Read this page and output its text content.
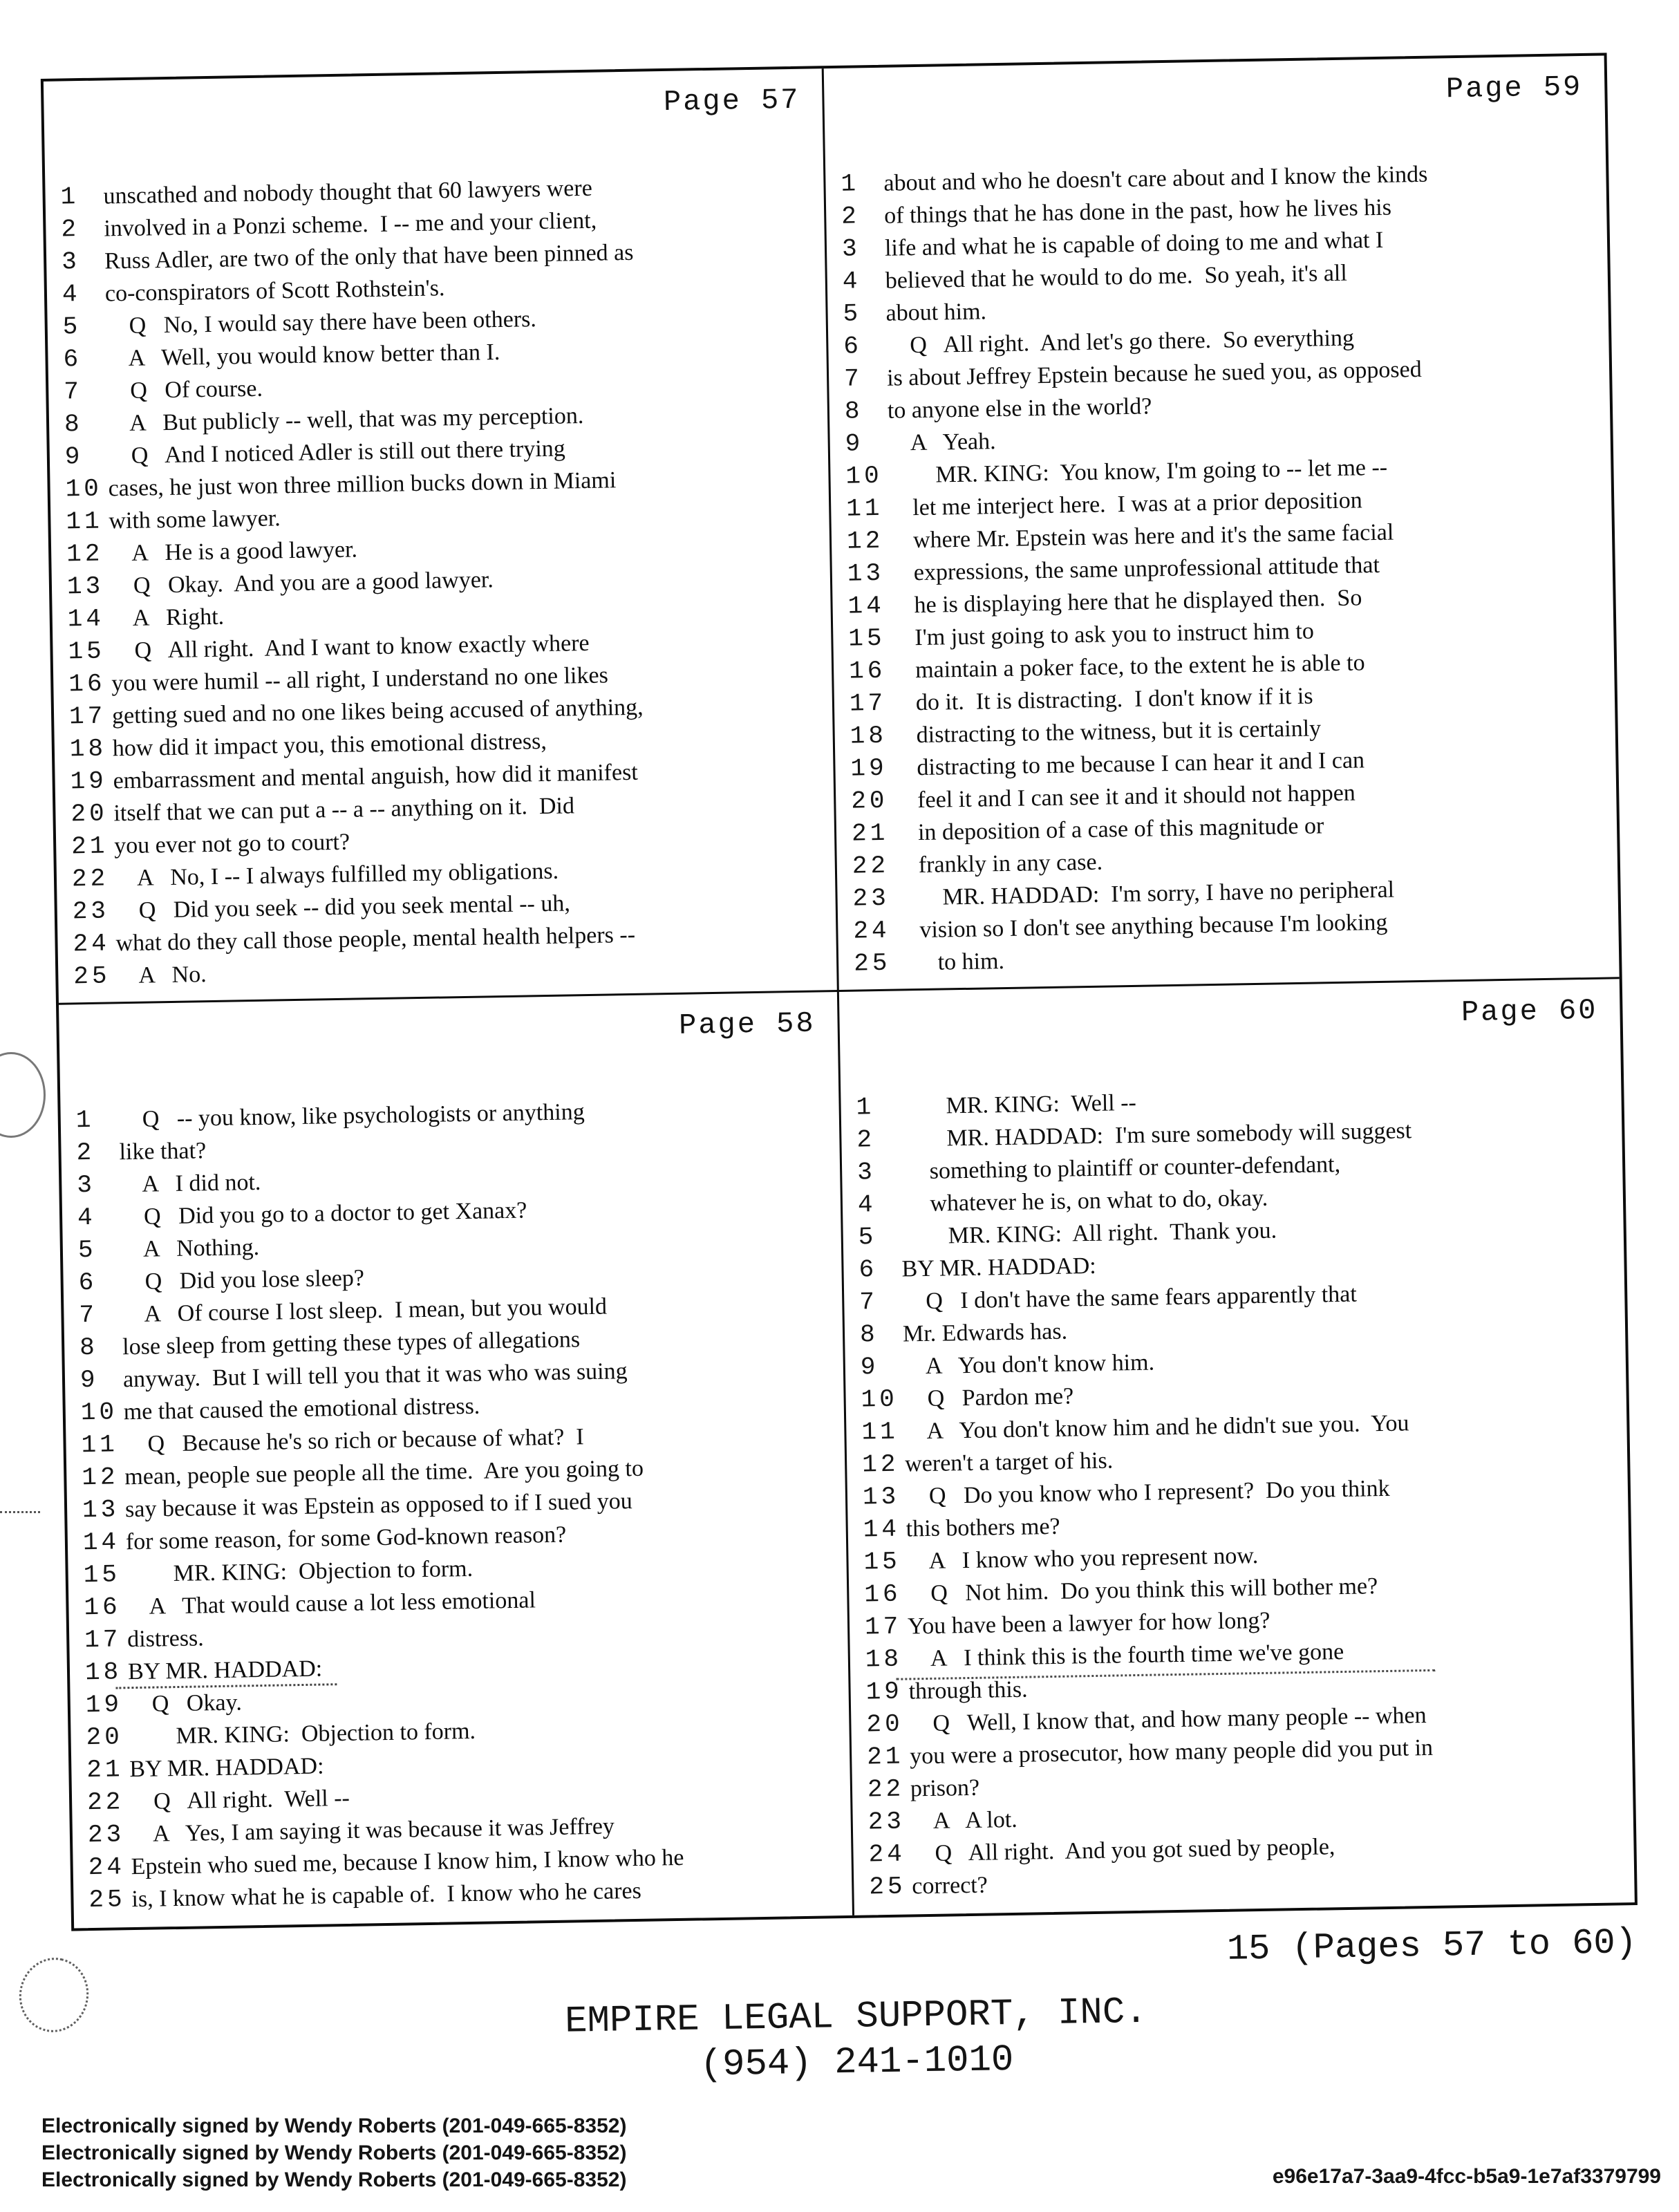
Page 57
1	unscathed and nobody thought that 60 lawyers were
2	involved in a Ponzi scheme.  I -- me and your client,
3	Russ Adler, are two of the only that have been pinned as
4	co-conspirators of Scott Rothstein's.
5	Q   No, I would say there have been others.
6	A   Well, you would know better than I.
7	Q   Of course.
8	A   But publicly -- well, that was my perception.
9	Q   And I noticed Adler is still out there trying
10 cases, he just won three million bucks down in Miami
11 with some lawyer.
12 A   He is a good lawyer.
13 Q   Okay.  And you are a good lawyer.
14 A   Right.
15 Q   All right.  And I want to know exactly where
16 you were humil -- all right, I understand no one likes
17 getting sued and no one likes being accused of anything,
18 how did it impact you, this emotional distress,
19 embarrassment and mental anguish, how did it manifest
20 itself that we can put a -- a -- anything on it.  Did
21 you ever not go to court?
22 A   No, I -- I always fulfilled my obligations.
23 Q   Did you seek -- did you seek mental -- uh,
24 what do they call those people, mental health helpers --
25 A   No.
Page 59
1	about and who he doesn't care about and I know the kinds
2	of things that he has done in the past, how he lives his
3	life and what he is capable of doing to me and what I
4	believed that he would to do me.  So yeah, it's all
5	about him.
6	Q   All right.  And let's go there.  So everything
7	is about Jeffrey Epstein because he sued you, as opposed
8	to anyone else in the world?
9	A   Yeah.
10 MR. KING:  You know, I'm going to -- let me --
11 let me interject here.  I was at a prior deposition
12 where Mr. Epstein was here and it's the same facial
13 expressions, the same unprofessional attitude that
14 he is displaying here that he displayed then.  So
15 I'm just going to ask you to instruct him to
16 maintain a poker face, to the extent he is able to
17 do it.  It is distracting.  I don't know if it is
18 distracting to the witness, but it is certainly
19 distracting to me because I can hear it and I can
20 feel it and I can see it and it should not happen
21 in deposition of a case of this magnitude or
22 frankly in any case.
23 MR. HADDAD:  I'm sorry, I have no peripheral
24 vision so I don't see anything because I'm looking
25 to him.
Page 58
1	Q   -- you know, like psychologists or anything
2	like that?
3	A   I did not.
4	Q   Did you go to a doctor to get Xanax?
5	A   Nothing.
6	Q   Did you lose sleep?
7	A   Of course I lost sleep.  I mean, but you would
8	lose sleep from getting these types of allegations
9	anyway.  But I will tell you that it was who was suing
10 me that caused the emotional distress.
11 Q   Because he's so rich or because of what?  I
12 mean, people sue people all the time.  Are you going to
13 say because it was Epstein as opposed to if I sued you
14 for some reason, for some God-known reason?
15 MR. KING:  Objection to form.
16 A   That would cause a lot less emotional
17 distress.
18 BY MR. HADDAD:
19 Q   Okay.
20 MR. KING:  Objection to form.
21 BY MR. HADDAD:
22 Q   All right.  Well --
23 A   Yes, I am saying it was because it was Jeffrey
24 Epstein who sued me, because I know him, I know who he
25 is, I know what he is capable of.  I know who he cares
Page 60
1	MR. KING:  Well --
2	MR. HADDAD:  I'm sure somebody will suggest
3	something to plaintiff or counter-defendant,
4	whatever he is, on what to do, okay.
5	MR. KING:  All right.  Thank you.
6	BY MR. HADDAD:
7	Q   I don't have the same fears apparently that
8	Mr. Edwards has.
9	A   You don't know him.
10 Q   Pardon me?
11 A   You don't know him and he didn't sue you.  You
12 weren't a target of his.
13 Q   Do you know who I represent?  Do you think
14 this bothers me?
15 A   I know who you represent now.
16 Q   Not him.  Do you think this will bother me?
17 You have been a lawyer for how long?
18 A   I think this is the fourth time we've gone
19 through this.
20 Q   Well, I know that, and how many people -- when
21 you were a prosecutor, how many people did you put in
22 prison?
23 A   A lot.
24 Q   All right.  And you got sued by people,
25 correct?
15 (Pages 57 to 60)
EMPIRE LEGAL SUPPORT, INC.
(954) 241-1010
Electronically signed by Wendy Roberts (201-049-665-8352)
Electronically signed by Wendy Roberts (201-049-665-8352)
Electronically signed by Wendy Roberts (201-049-665-8352)	e96e17a7-3aa9-4fcc-b5a9-1e7af3379799
